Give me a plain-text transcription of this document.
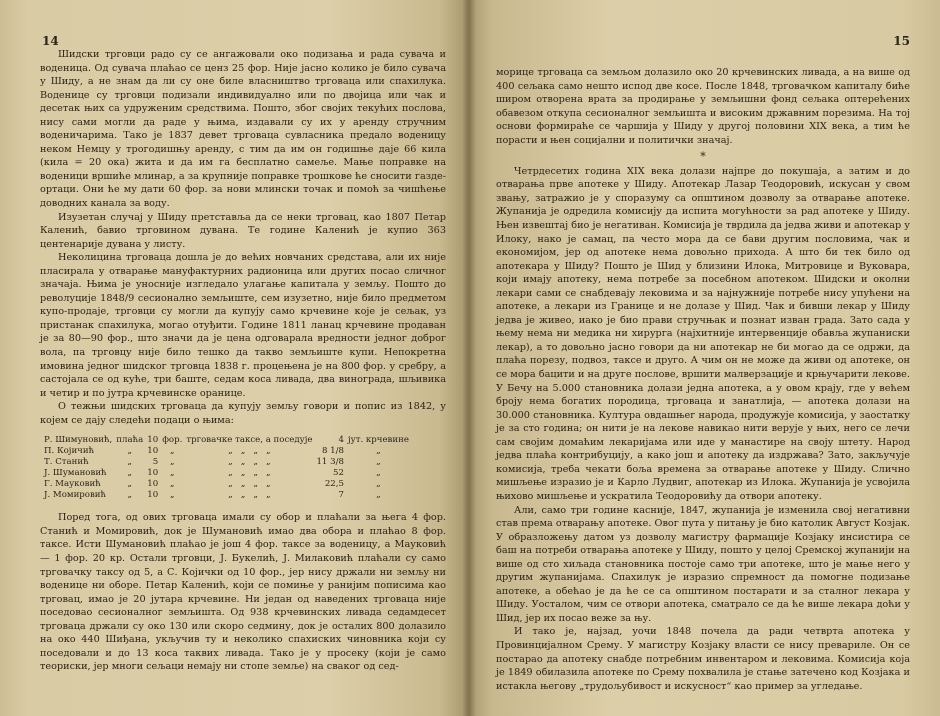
14

Шидски трговци радо су се ангажовали око подизања и рада сувача и воденица. Од сувача плаћао се ценз 25 фор. Није јасно колико је било сувача у Шиду, а не знам да ли су оне биле власништво трговаца или спахилука. Воденице су трговци подизали индивидуално или по двојица или чак и десетак њих са удруженим средствима. Пошто, због својих текућих послова, нису сами могли да раде у њима, издавали су их у аренду стручним воденичарима. Тако је 1837 девет трговаца сувласника предало воденицу неком Немцу у трогодишњу аренду, с тим да им он годишње даје 66 кила (кила = 20 ока) жита и да им га бесплатно самеље. Мање поправке на воденици вршиће млинар, а за крупније поправке трошкове ће сносити газде-ортаци. Они ће му дати 60 фор. за нови млински точак и помоћ за чишћење доводних канала за воду.

Изузетан случај у Шиду претстављa да се неки трговац, као 1807 Петар Каленић, бавио трговином дувана. Те године Каленић је купио 363 центенарије дувана у листу.

Неколицина трговаца дошла је до већих новчаних средстава, али их није пласирала у отварање мануфактурних радионица или других посао сличног значаја. Њима је уносније изгледало улагање капитала у земљу. Пошто до револуције 1848/9 сесионално земљиште, сем изузетно, није било предметом купо-продаје, трговци су могли да купују само крчевине које је сељак, уз пристанак спахилука, могао отуђити. Године 1811 ланац крчевине продаван је за 80—90 фор., што значи да је цена одговарала вредности једног доброг вола, па трговцу није било тешко да такво земљиште купи. Непокретна имовина једног шидског трговца 1838 г. процењена је на 800 фор. у сребру, а састојала се од куће, три баште, седам коса ливада, два винограда, шљивика и четир и по јутра крчевинске оранице.

О тежњи шидских трговаца да купују земљу говори и попис из 1842, у којем се дају следећи подаци о њима:

Р. Шимуновић,	плаћа	10	фор.	трговачке таксе, а поседује	4	јут. крчевине
П. Којичић	„	10	„	„   „   „   „	8 1/8	„
Т. Станић	„	5	„	„   „   „   „	11 3/8	„
Ј. Шумановић	„	10	„	„   „   „   „	52	„
Г. Мауковић	„	10	„	„   „   „   „	22,5	„
Ј. Момировић	„	10	„	„   „   „   „	7	„

Поред тога, од ових трговаца имали су обор и плаћали за њега 4 фор. Станић и Момировић, док је Шумановић имао два обора и плаћао 8 фор. таксе. Исти Шумановић плаћао је још 4 фор. таксе за воденицу, а Мауковић — 1 фор. 20 кр. Остали трговци, Ј. Букелић, Ј. Милаковић плаћали су само трговачку таксу од 5, а С. Којички од 10 фор., јер нису држали ни земљу ни воденице ни оборе. Петар Каленић, који се помиње у ранијим пописима као трговац, имао је 20 јутара крчевине. Ни један од наведених трговаца није поседовао сесионалног земљишта. Од 938 крчевинских ливада седамдесет трговаца држали су око 130 или скоро седмину, док је осталих 800 долазило на око 440 Шиђана, укључив ту и неколико спахиских чиновника који су поседовали и до 13 коса таквих ливада. Тако је у просеку (који је само теориски, јер многи сељаци немају ни стопе земље) на сваког од сед-

15

морице трговаца са земљом долазило око 20 крчевинских ливада, а на више од 400 сељака само нешто испод две косе. После 1848, трговачком капиталу биће широм отворена врата за продирање у земљишни фонд сељака оптерећених обавезом откупа сесионалног земљишта и високим државним порезима. На тој основи формираће се чаршија у Шиду у другој половини XIX века, а тим ће порасти и њен социјални и политички значај.

*

Четрдесетих година XIX века долази најпре до покушаја, а затим и до отварања прве апотеке у Шиду. Апотекар Лазар Теодоровић, искусан у свом звању, затражио је у споразуму са општином дозволу за отварање апотеке. Жупанија је одредила комисију да испита могућности за рад апотеке у Шиду. Њен извештај био је негативан. Комисија је тврдила да једва живи и апотекар у Илоку, нако је самац, па често мора да се бави другим пословима, чак и економијом, јер од апотеке нема довољно прихода. А што би тек било од апотекара у Шиду? Пошто је Шид у близини Илока, Митровице и Вуковара, који имају апотеку, нема потребе за посебном апотеком. Шидски и околни лекари сами се снабдевају лековима и за најнужније потребе нису упућени на апотеке, а лекари из Границе и не долазе у Шид. Чак и бивши лекар у Шиду једва је живео, иако је био прави стручњак и познат изван града. Зато сада у њему нема ни медика ни хирурга (најхитније интервенције обавља жупаниски лекар), а то довољно јасно говори да ни апотекар не би могао да се одржи, да плаћа порезу, подвоз, таксе и друго. А чим он не може да живи од апотеке, он се морa бацити и на друге послове, вршити малверзације и крњучарити лекове. У Бечу на 5.000 становника долази једна апотека, а у овом крају, где у већем броју нема богатих породица, трговаца и занатлија, — апотека долази на 30.000 становника. Култура овдашњег народа, продужује комисија, у заостатку је за сто година; он нити је на лекове навикао нити верује у њих, него се лечи сам својим домаћим лекаријама или иде у манастире на своју штету. Народ једва плаћа контрибуцију, а како још и апотеку да издржава? Зато, закључује комисија, треба чекати боља времена за отварање апотеке у Шиду. Слично мишљење изразио је и Карло Лудвиг, апотекар из Илока. Жупанија је усвојила њихово мишљење и ускратила Теодоровићу да отвори апотеку.

Али, само три године касније, 1847, жупанија је изменила свој негативни став према отварању апотеке. Овог пута у питању је био католик Август Козјак. У образложењу датом уз дозволу магистру фармације Козјаку инсистира се баш на потреби отварања апотеке у Шиду, пошто у целој Сремској жупанији на више од сто хиљада становника постоје само три апотеке, што је мање него у другим жупанијама. Спахилук је изразио спремност да помогне подизање апотеке, а обећао је да ће се са општином постарати и за сталног лекара у Шиду. Уосталом, чим се отвори апотека, сматрало се да ће више лекара доћи у Шид, јер их посао веже за њу.

И тако је, најзад, уочи 1848 почела да ради четврта апотека у Провинцијалном Срему. У магистру Козјаку власти се нису превариле. Он се постарао да апотеку снабде потребним инвентаром и лековима. Комисија која је 1849 обилазила апотеке по Срему похвалила је стање затечено код Козјака и истакла његову „трудољубивост и искусност“ као пример за угледање.
